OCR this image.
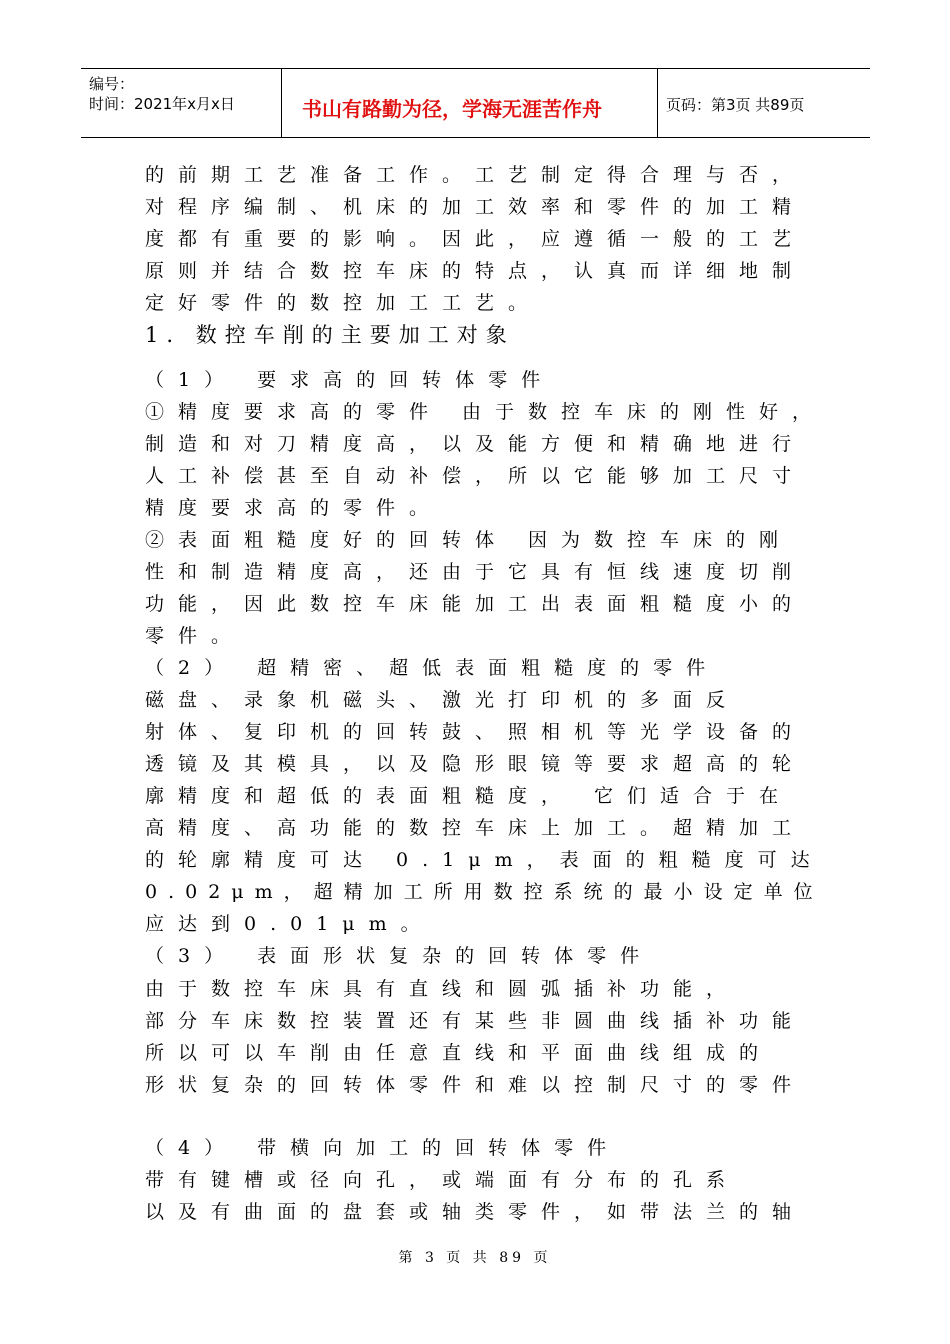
编号：
时间：2021年x月x日	书山有路勤为径，学海无涯苦作舟	页码：第3页 共89页
的前期工艺准备工作。工艺制定得合理与否，
对程序编制、机床的加工效率和零件的加工精
度都有重要的影响。因此，应遵循一般的工艺
原则并结合数控车床的特点，认真而详细地制
定好零件的数控加工工艺。
1. 数控车削的主要加工对象
（1） 要求高的回转体零件
①精度要求高的零件 由于数控车床的刚性好，
制造和对刀精度高，以及能方便和精确地进行
人工补偿甚至自动补偿，所以它能够加工尺寸
精度要求高的零件。
②表面粗糙度好的回转体 因为数控车床的刚
性和制造精度高，还由于它具有恒线速度切削
功能，因此数控车床能加工出表面粗糙度小的
零件。
（2） 超精密、超低表面粗糙度的零件
磁盘、录象机磁头、激光打印机的多面反
射体、复印机的回转鼓、照相机等光学设备的
透镜及其模具，以及隐形眼镜等要求超高的轮
廓精度和超低的表面粗糙度， 它们适合于在
高精度、高功能的数控车床上加工。超精加工
的轮廓精度可达 0.1μm，表面的粗糙度可达
0.02μm，超精加工所用数控系统的最小设定单位
应达到0.01μm。
（3） 表面形状复杂的回转体零件
由于数控车床具有直线和圆弧插补功能，
部分车床数控装置还有某些非圆曲线插补功能
所以可以车削由任意直线和平面曲线组成的
形状复杂的回转体零件和难以控制尺寸的零件
（4） 带横向加工的回转体零件
带有键槽或径向孔，或端面有分布的孔系
以及有曲面的盘套或轴类零件，如带法兰的轴
第 3 页 共 89 页
